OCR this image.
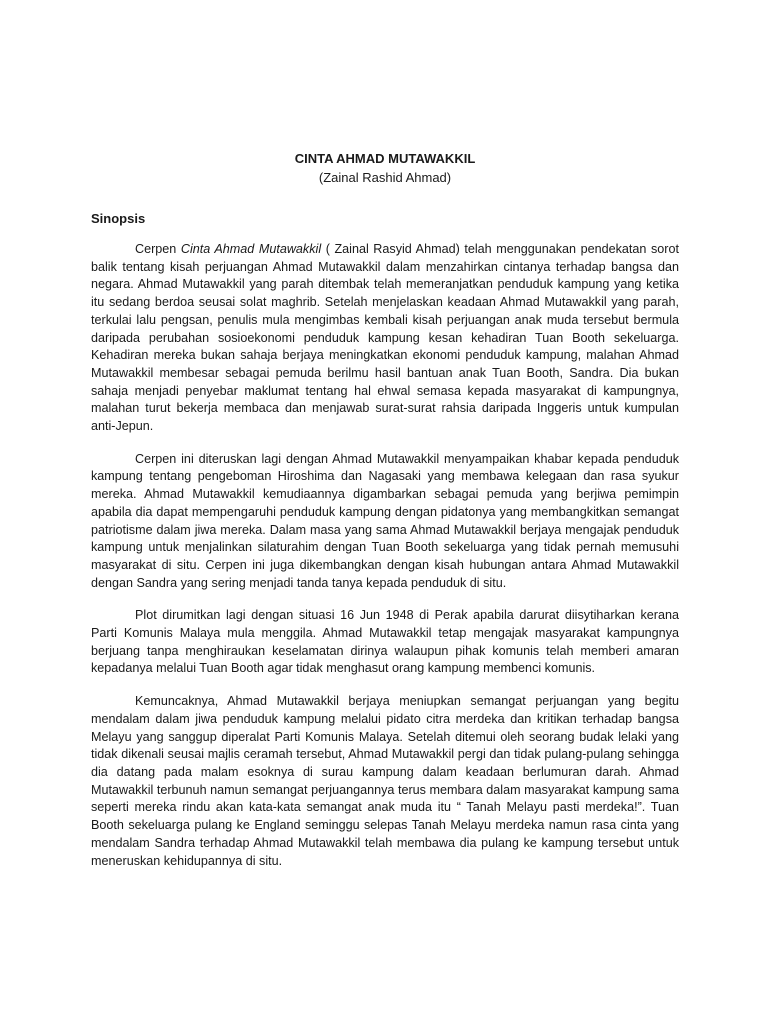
CINTA AHMAD MUTAWAKKIL

(Zainal Rashid Ahmad)

Sinopsis

Cerpen Cinta Ahmad Mutawakkil ( Zainal Rasyid Ahmad) telah menggunakan pendekatan sorot balik tentang kisah perjuangan Ahmad Mutawakkil dalam menzahirkan cintanya terhadap bangsa dan negara. Ahmad Mutawakkil yang parah ditembak telah memeranjatkan penduduk kampung yang ketika itu sedang berdoa seusai solat maghrib. Setelah menjelaskan keadaan Ahmad Mutawakkil yang parah, terkulai lalu pengsan, penulis mula mengimbas kembali kisah perjuangan anak muda tersebut bermula daripada perubahan sosioekonomi penduduk kampung kesan kehadiran Tuan Booth sekeluarga. Kehadiran mereka bukan sahaja berjaya meningkatkan ekonomi penduduk kampung, malahan Ahmad Mutawakkil membesar sebagai pemuda berilmu hasil bantuan anak Tuan Booth, Sandra. Dia bukan sahaja menjadi penyebar maklumat tentang hal ehwal semasa kepada masyarakat di kampungnya, malahan turut bekerja membaca dan menjawab surat-surat rahsia daripada Inggeris untuk kumpulan anti-Jepun.

Cerpen ini diteruskan lagi dengan Ahmad Mutawakkil menyampaikan khabar kepada penduduk kampung tentang pengeboman Hiroshima dan Nagasaki yang membawa kelegaan dan rasa syukur mereka. Ahmad Mutawakkil kemudiaannya digambarkan sebagai pemuda yang berjiwa pemimpin apabila dia dapat mempengaruhi penduduk kampung dengan pidatonya yang membangkitkan semangat patriotisme dalam jiwa mereka. Dalam masa yang sama Ahmad Mutawakkil berjaya mengajak penduduk kampung untuk menjalinkan silaturahim dengan Tuan Booth sekeluarga yang tidak pernah memusuhi masyarakat di situ. Cerpen ini juga dikembangkan dengan kisah hubungan antara Ahmad Mutawakkil dengan Sandra yang sering menjadi tanda tanya kepada penduduk di situ.

Plot dirumitkan lagi dengan situasi 16 Jun 1948 di Perak apabila darurat diisytiharkan kerana Parti Komunis Malaya mula menggila. Ahmad Mutawakkil tetap mengajak masyarakat kampungnya berjuang tanpa menghiraukan keselamatan dirinya walaupun pihak komunis telah memberi amaran kepadanya melalui Tuan Booth agar tidak menghasut orang kampung membenci komunis.

Kemuncaknya, Ahmad Mutawakkil berjaya meniupkan semangat perjuangan yang begitu mendalam dalam jiwa penduduk kampung melalui pidato citra merdeka dan kritikan terhadap bangsa Melayu yang sanggup diperalat Parti Komunis Malaya. Setelah ditemui oleh seorang budak lelaki yang tidak dikenali seusai majlis ceramah tersebut, Ahmad Mutawakkil pergi dan tidak pulang-pulang sehingga dia datang pada malam esoknya di surau kampung dalam keadaan berlumuran darah. Ahmad Mutawakkil terbunuh namun semangat perjuangannya terus membara dalam masyarakat kampung sama seperti mereka rindu akan kata-kata semangat anak muda itu “ Tanah Melayu pasti merdeka!”. Tuan Booth sekeluarga pulang ke England seminggu selepas Tanah Melayu merdeka namun rasa cinta yang mendalam Sandra terhadap Ahmad Mutawakkil telah membawa dia pulang ke kampung tersebut untuk meneruskan kehidupannya di situ.
